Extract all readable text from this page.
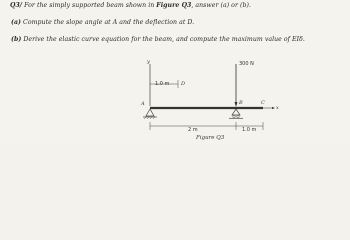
Q3/ For the simply supported beam shown in Figure Q3, answer (a) or (b).
(a) Compute the slope angle at A and the deflection at D.
(b) Derive the elastic curve equation for the beam, and compute the maximum value of EIδ.
y	300 N
1.0 m D
A	B	C
x
2 m	1.0 m
Figure Q3
